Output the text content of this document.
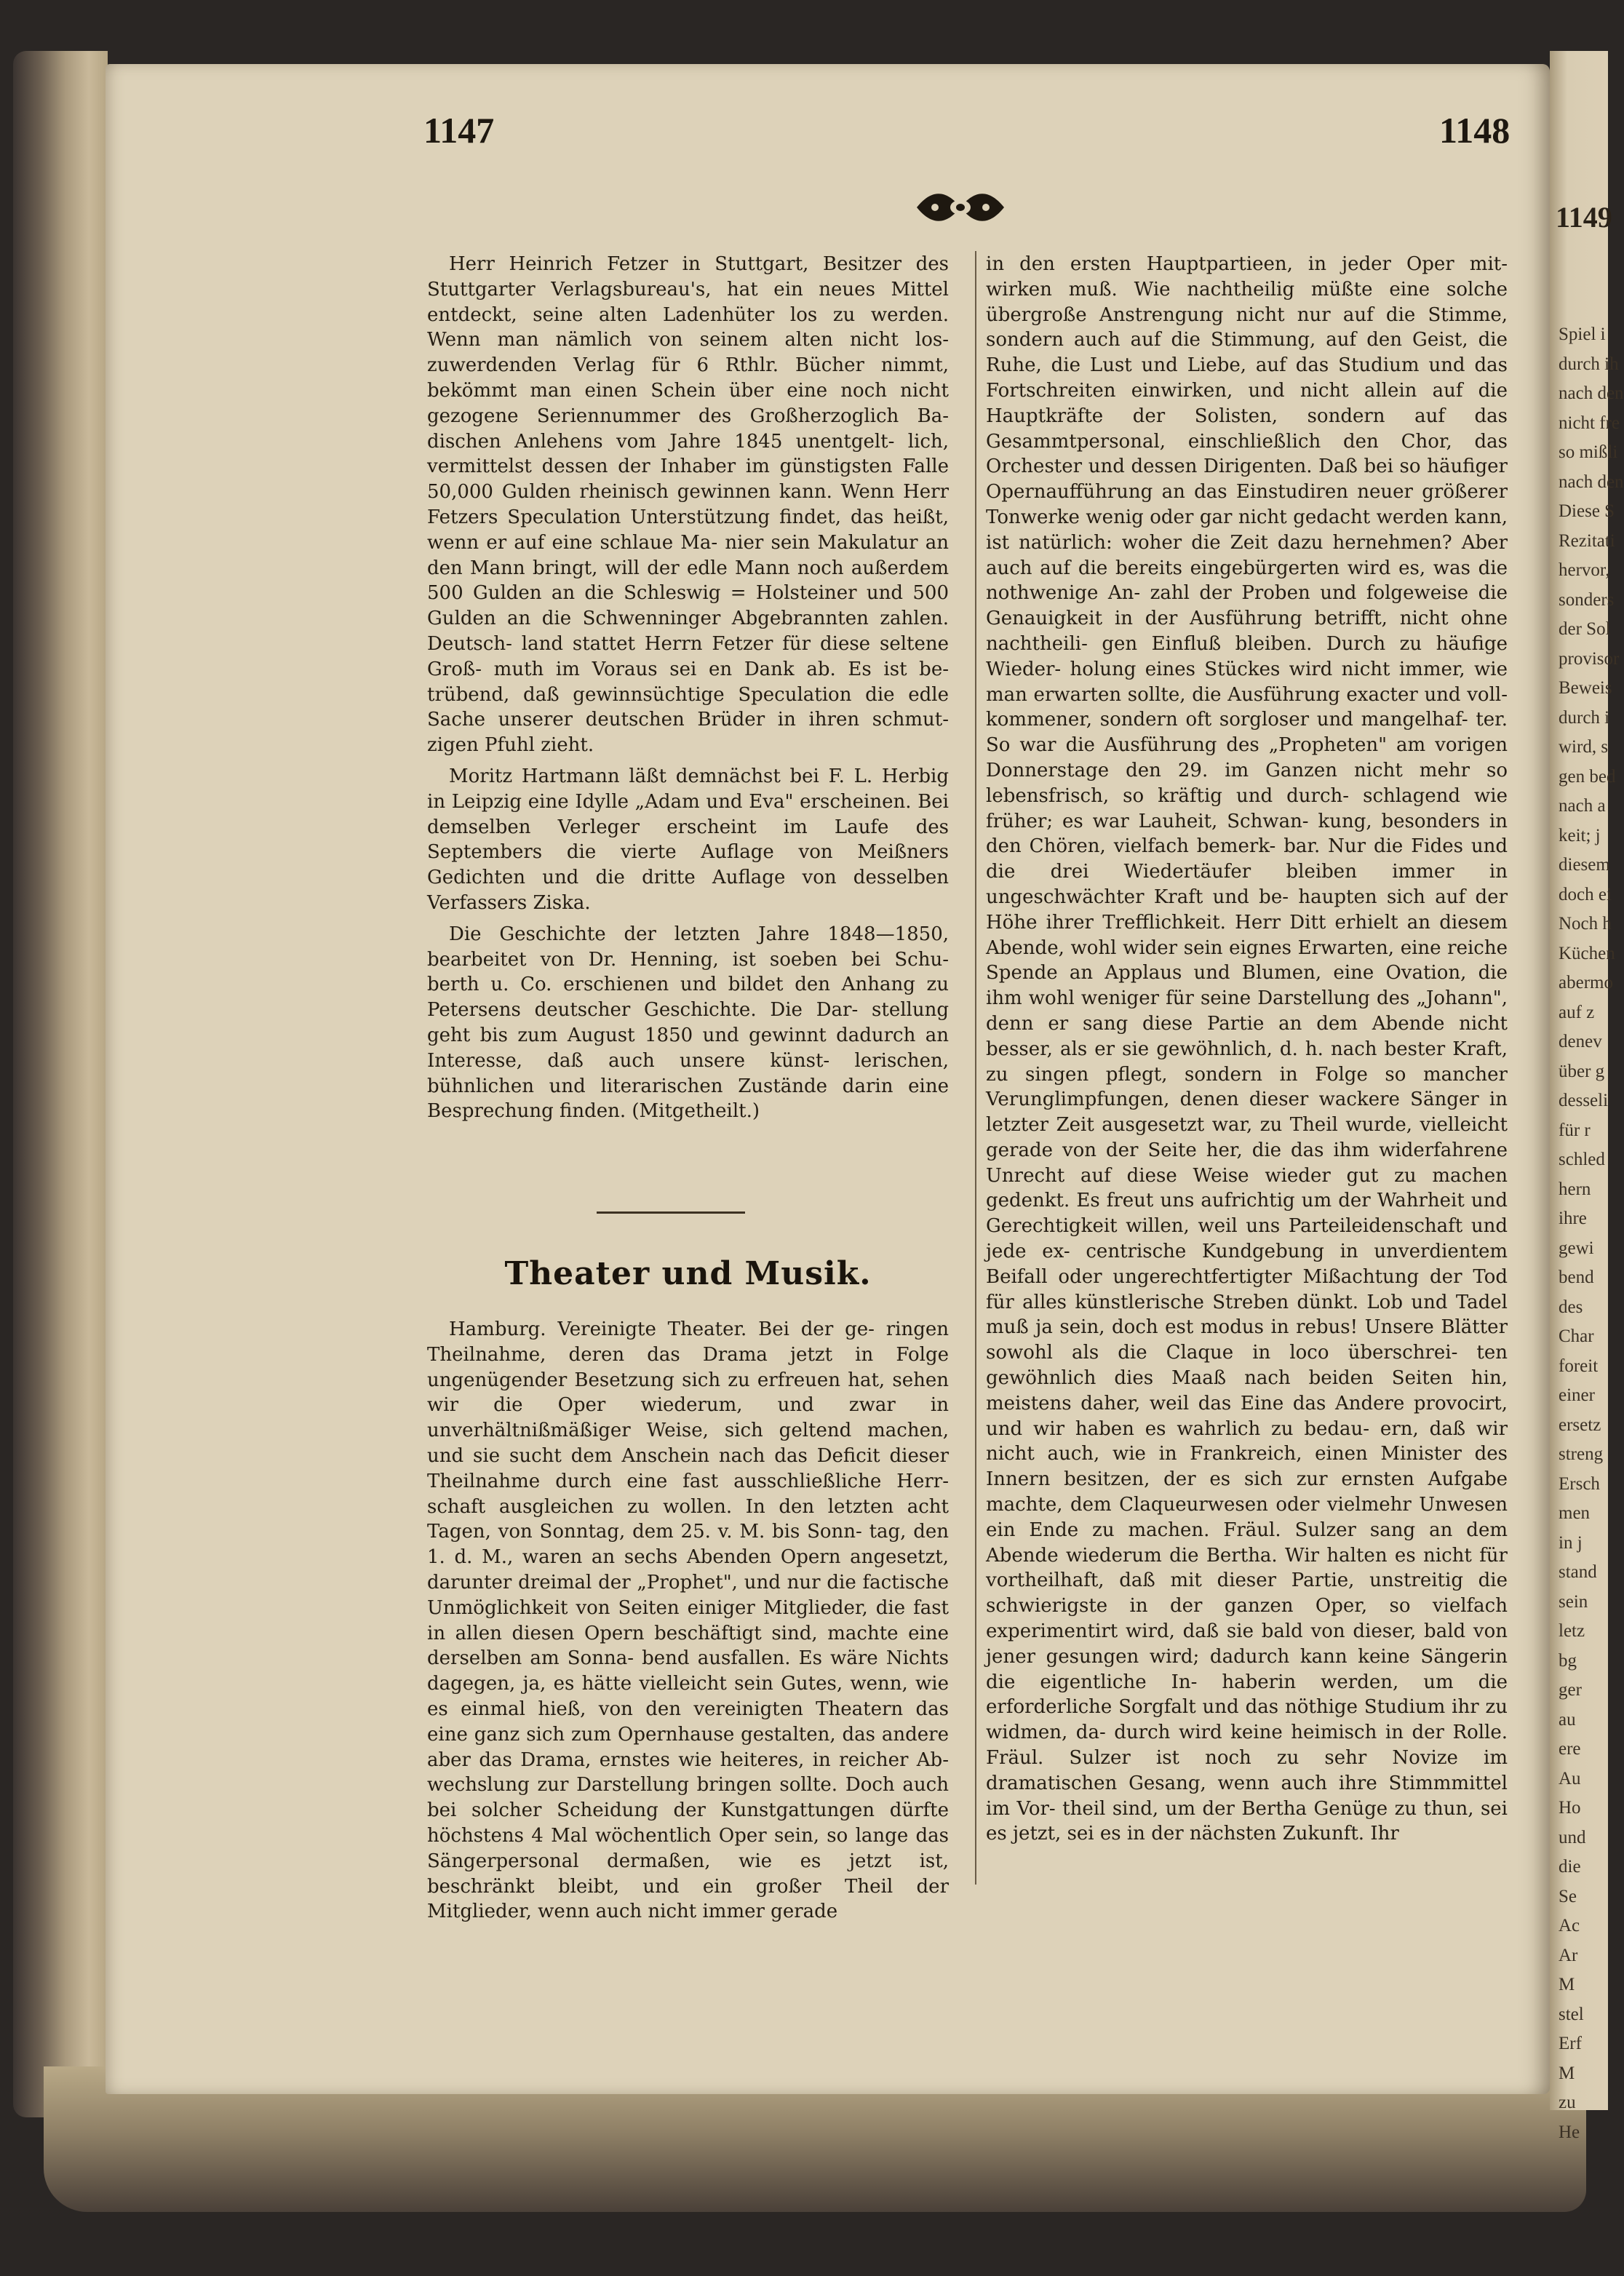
1149
Spiel i
durch ih
nach den
nicht fre
so mißli
nach den
Diese S
Rezitati
hervor,
sonders
der Sol
provisor
Beweis
durch i
wird, s
gen bed
nach a
keit; j
diesem
doch ei
Noch h
Küchen
abermo
auf z
denev
über g
desseli
für r
schled
hern
ihre
gewi
bend
des
Char
foreit
einer
ersetz
streng
Ersch
men
in j
stand
sein
letz
bg
ger
au
ere
Au
Ho
und
die
Se
Ac
Ar
M
stel
Erf
M
zu
He
1147	1148

Herr Heinrich Fetzer in Stuttgart, Besitzer des Stuttgarter Verlagsbureau's, hat ein neues Mittel entdeckt, seine alten Ladenhüter los zu werden. Wenn man nämlich von seinem alten nicht los- zuwerdenden Verlag für 6 Rthlr. Bücher nimmt, bekömmt man einen Schein über eine noch nicht gezogene Seriennummer des Großherzoglich Ba- dischen Anlehens vom Jahre 1845 unentgelt- lich, vermittelst dessen der Inhaber im günstigsten Falle 50,000 Gulden rheinisch gewinnen kann. Wenn Herr Fetzers Speculation Unterstützung findet, das heißt, wenn er auf eine schlaue Ma- nier sein Makulatur an den Mann bringt, will der edle Mann noch außerdem 500 Gulden an die Schleswig = Holsteiner und 500 Gulden an die Schwenninger Abgebrannten zahlen. Deutsch- land stattet Herrn Fetzer für diese seltene Groß- muth im Voraus sei en Dank ab. Es ist be- trübend, daß gewinnsüchtige Speculation die edle Sache unserer deutschen Brüder in ihren schmut- zigen Pfuhl zieht.

Moritz Hartmann läßt demnächst bei F. L. Herbig in Leipzig eine Idylle „Adam und Eva" erscheinen. Bei demselben Verleger erscheint im Laufe des Septembers die vierte Auflage von Meißners Gedichten und die dritte Auflage von desselben Verfassers Ziska.

Die Geschichte der letzten Jahre 1848—1850, bearbeitet von Dr. Henning, ist soeben bei Schu- berth u. Co. erschienen und bildet den Anhang zu Petersens deutscher Geschichte. Die Dar- stellung geht bis zum August 1850 und gewinnt dadurch an Interesse, daß auch unsere künst- lerischen, bühnlichen und literarischen Zustände darin eine Besprechung finden. (Mitgetheilt.)

Theater und Musik.

Hamburg. Vereinigte Theater. Bei der ge- ringen Theilnahme, deren das Drama jetzt in Folge ungenügender Besetzung sich zu erfreuen hat, sehen wir die Oper wiederum, und zwar in unverhältnißmäßiger Weise, sich geltend machen, und sie sucht dem Anschein nach das Deficit dieser Theilnahme durch eine fast ausschließliche Herr- schaft ausgleichen zu wollen. In den letzten acht Tagen, von Sonntag, dem 25. v. M. bis Sonn- tag, den 1. d. M., waren an sechs Abenden Opern angesetzt, darunter dreimal der „Prophet", und nur die factische Unmöglichkeit von Seiten einiger Mitglieder, die fast in allen diesen Opern beschäftigt sind, machte eine derselben am Sonna- bend ausfallen. Es wäre Nichts dagegen, ja, es hätte vielleicht sein Gutes, wenn, wie es einmal hieß, von den vereinigten Theatern das eine ganz sich zum Opernhause gestalten, das andere aber das Drama, ernstes wie heiteres, in reicher Ab- wechslung zur Darstellung bringen sollte. Doch auch bei solcher Scheidung der Kunstgattungen dürfte höchstens 4 Mal wöchentlich Oper sein, so lange das Sängerpersonal dermaßen, wie es jetzt ist, beschränkt bleibt, und ein großer Theil der Mitglieder, wenn auch nicht immer gerade

in den ersten Hauptpartieen, in jeder Oper mit- wirken muß. Wie nachtheilig müßte eine solche übergroße Anstrengung nicht nur auf die Stimme, sondern auch auf die Stimmung, auf den Geist, die Ruhe, die Lust und Liebe, auf das Studium und das Fortschreiten einwirken, und nicht allein auf die Hauptkräfte der Solisten, sondern auf das Gesammtpersonal, einschließlich den Chor, das Orchester und dessen Dirigenten. Daß bei so häufiger Opernaufführung an das Einstudiren neuer größerer Tonwerke wenig oder gar nicht gedacht werden kann, ist natürlich: woher die Zeit dazu hernehmen? Aber auch auf die bereits eingebürgerten wird es, was die nothwenige An- zahl der Proben und folgeweise die Genauigkeit in der Ausführung betrifft, nicht ohne nachtheili- gen Einfluß bleiben. Durch zu häufige Wieder- holung eines Stückes wird nicht immer, wie man erwarten sollte, die Ausführung exacter und voll- kommener, sondern oft sorgloser und mangelhaf- ter. So war die Ausführung des „Propheten" am vorigen Donnerstage den 29. im Ganzen nicht mehr so lebensfrisch, so kräftig und durch- schlagend wie früher; es war Lauheit, Schwan- kung, besonders in den Chören, vielfach bemerk- bar. Nur die Fides und die drei Wiedertäufer bleiben immer in ungeschwächter Kraft und be- haupten sich auf der Höhe ihrer Trefflichkeit. Herr Ditt erhielt an diesem Abende, wohl wider sein eignes Erwarten, eine reiche Spende an Applaus und Blumen, eine Ovation, die ihm wohl weniger für seine Darstellung des „Johann", denn er sang diese Partie an dem Abende nicht besser, als er sie gewöhnlich, d. h. nach bester Kraft, zu singen pflegt, sondern in Folge so mancher Verunglimpfungen, denen dieser wackere Sänger in letzter Zeit ausgesetzt war, zu Theil wurde, vielleicht gerade von der Seite her, die das ihm widerfahrene Unrecht auf diese Weise wieder gut zu machen gedenkt. Es freut uns aufrichtig um der Wahrheit und Gerechtigkeit willen, weil uns Parteileidenschaft und jede ex- centrische Kundgebung in unverdientem Beifall oder ungerechtfertigter Mißachtung der Tod für alles künstlerische Streben dünkt. Lob und Tadel muß ja sein, doch est modus in rebus! Unsere Blätter sowohl als die Claque in loco überschrei- ten gewöhnlich dies Maaß nach beiden Seiten hin, meistens daher, weil das Eine das Andere provocirt, und wir haben es wahrlich zu bedau- ern, daß wir nicht auch, wie in Frankreich, einen Minister des Innern besitzen, der es sich zur ernsten Aufgabe machte, dem Claqueurwesen oder vielmehr Unwesen ein Ende zu machen. Fräul. Sulzer sang an dem Abende wiederum die Bertha. Wir halten es nicht für vortheilhaft, daß mit dieser Partie, unstreitig die schwierigste in der ganzen Oper, so vielfach experimentirt wird, daß sie bald von dieser, bald von jener gesungen wird; dadurch kann keine Sängerin die eigentliche In- haberin werden, um die erforderliche Sorgfalt und das nöthige Studium ihr zu widmen, da- durch wird keine heimisch in der Rolle. Fräul. Sulzer ist noch zu sehr Novize im dramatischen Gesang, wenn auch ihre Stimmmittel im Vor- theil sind, um der Bertha Genüge zu thun, sei es jetzt, sei es in der nächsten Zukunft. Ihr
